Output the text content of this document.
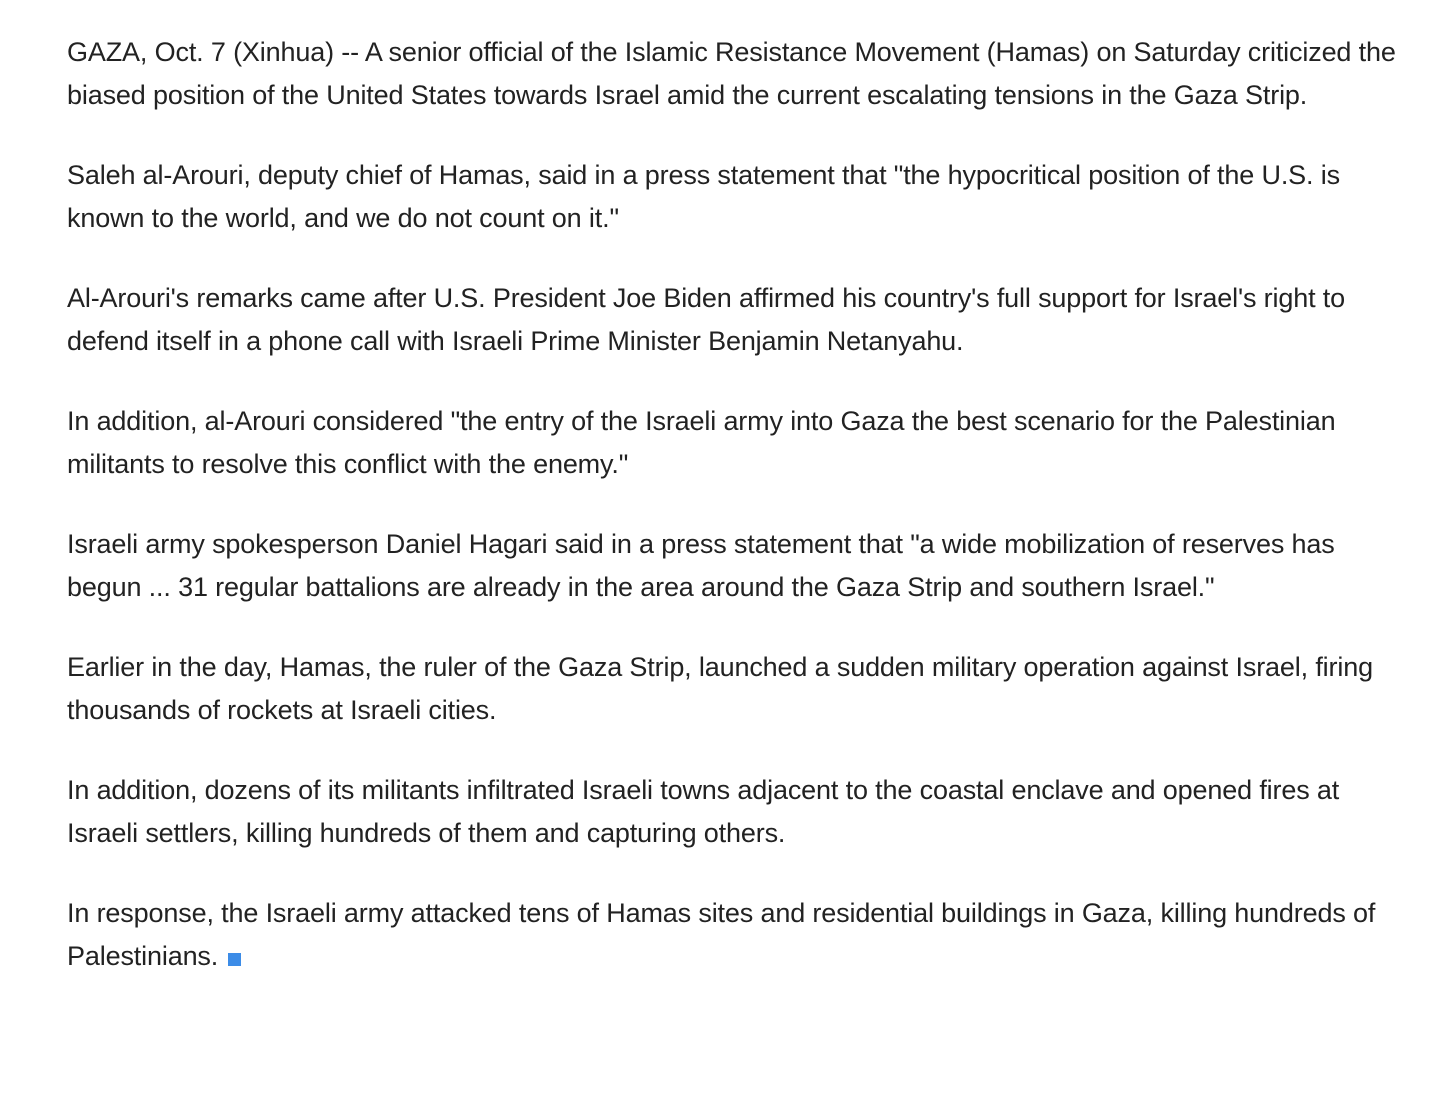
GAZA, Oct. 7 (Xinhua) -- A senior official of the Islamic Resistance Movement (Hamas) on Saturday criticized the biased position of the United States towards Israel amid the current escalating tensions in the Gaza Strip.

Saleh al-Arouri, deputy chief of Hamas, said in a press statement that "the hypocritical position of the U.S. is known to the world, and we do not count on it."

Al-Arouri's remarks came after U.S. President Joe Biden affirmed his country's full support for Israel's right to defend itself in a phone call with Israeli Prime Minister Benjamin Netanyahu.

In addition, al-Arouri considered "the entry of the Israeli army into Gaza the best scenario for the Palestinian militants to resolve this conflict with the enemy."

Israeli army spokesperson Daniel Hagari said in a press statement that "a wide mobilization of reserves has begun ... 31 regular battalions are already in the area around the Gaza Strip and southern Israel."

Earlier in the day, Hamas, the ruler of the Gaza Strip, launched a sudden military operation against Israel, firing thousands of rockets at Israeli cities.

In addition, dozens of its militants infiltrated Israeli towns adjacent to the coastal enclave and opened fires at Israeli settlers, killing hundreds of them and capturing others.

In response, the Israeli army attacked tens of Hamas sites and residential buildings in Gaza, killing hundreds of Palestinians.
